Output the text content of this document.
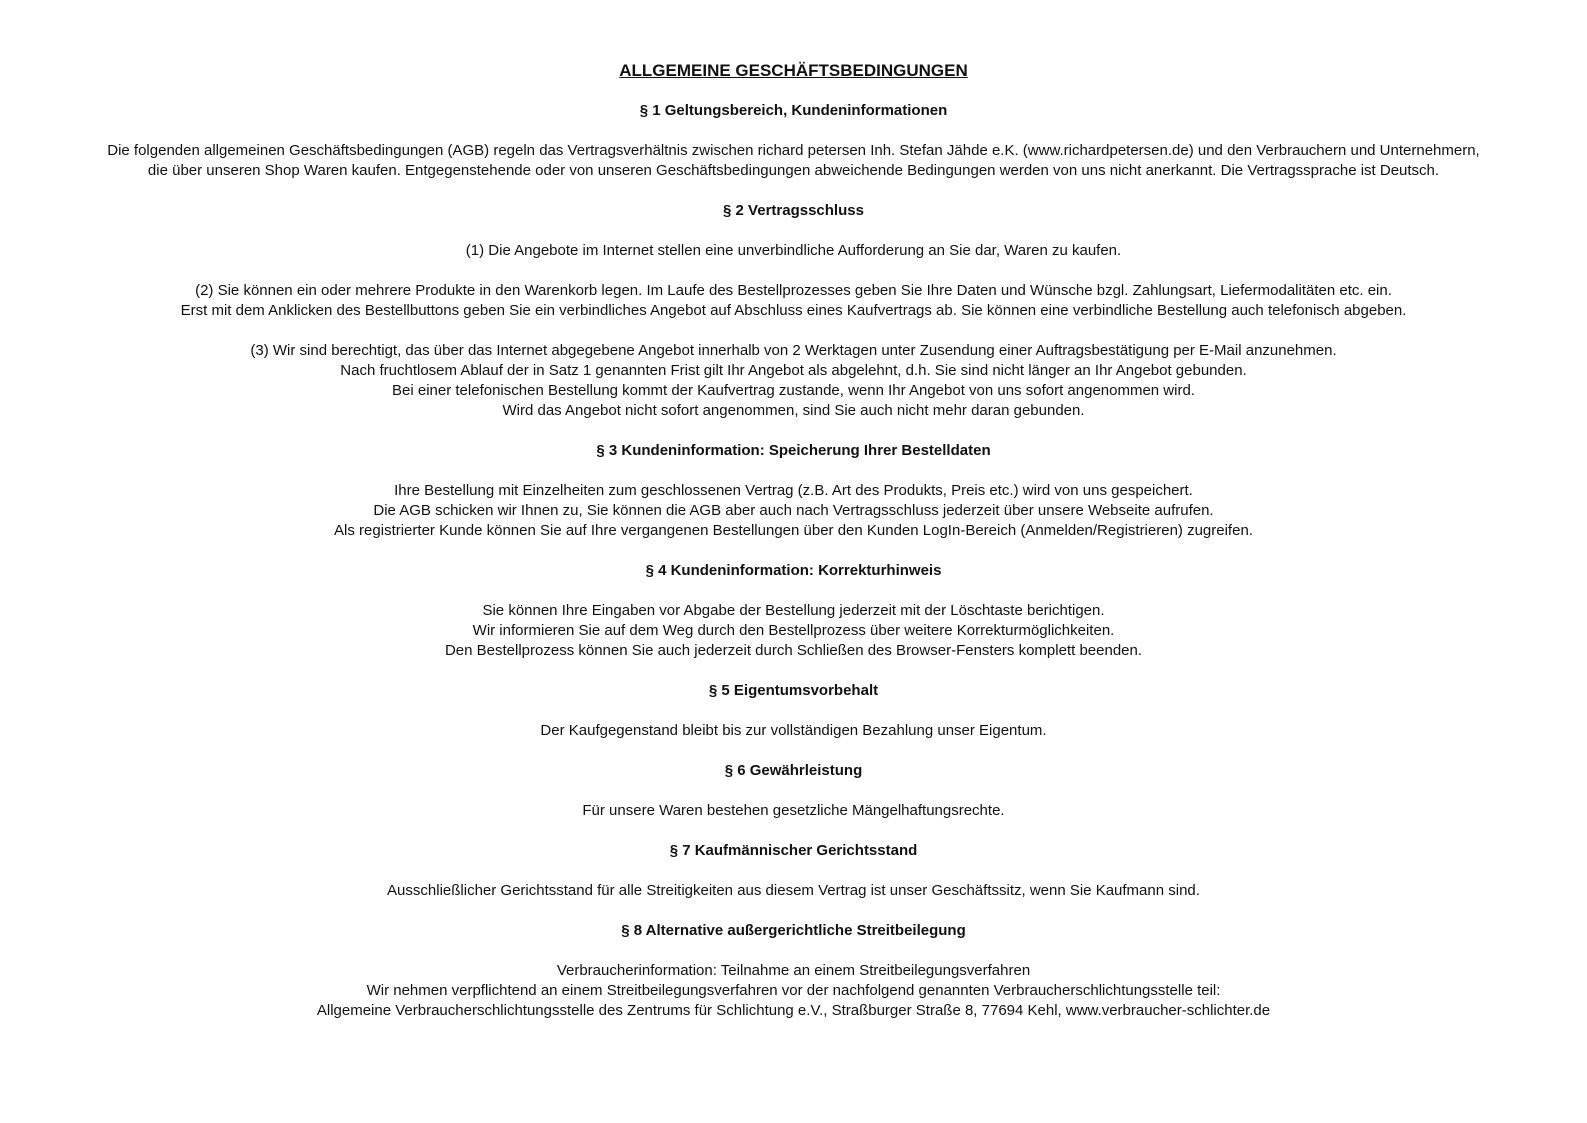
ALLGEMEINE GESCHÄFTSBEDINGUNGEN
§ 1 Geltungsbereich, Kundeninformationen
Die folgenden allgemeinen Geschäftsbedingungen (AGB) regeln das Vertragsverhältnis zwischen richard petersen Inh. Stefan Jähde e.K. (www.richardpetersen.de) und den Verbrauchern und Unternehmern,
die über unseren Shop Waren kaufen. Entgegenstehende oder von unseren Geschäftsbedingungen abweichende Bedingungen werden von uns nicht anerkannt. Die Vertragssprache ist Deutsch.
§ 2 Vertragsschluss
(1) Die Angebote im Internet stellen eine unverbindliche Aufforderung an Sie dar, Waren zu kaufen.
(2) Sie können ein oder mehrere Produkte in den Warenkorb legen. Im Laufe des Bestellprozesses geben Sie Ihre Daten und Wünsche bzgl. Zahlungsart, Liefermodalitäten etc. ein.
Erst mit dem Anklicken des Bestellbuttons geben Sie ein verbindliches Angebot auf Abschluss eines Kaufvertrags ab. Sie können eine verbindliche Bestellung auch telefonisch abgeben.
(3) Wir sind berechtigt, das über das Internet abgegebene Angebot innerhalb von 2 Werktagen unter Zusendung einer Auftragsbestätigung per E-Mail anzunehmen.
Nach fruchtlosem Ablauf der in Satz 1 genannten Frist gilt Ihr Angebot als abgelehnt, d.h. Sie sind nicht länger an Ihr Angebot gebunden.
Bei einer telefonischen Bestellung kommt der Kaufvertrag zustande, wenn Ihr Angebot von uns sofort angenommen wird.
Wird das Angebot nicht sofort angenommen, sind Sie auch nicht mehr daran gebunden.
§ 3 Kundeninformation: Speicherung Ihrer Bestelldaten
Ihre Bestellung mit Einzelheiten zum geschlossenen Vertrag (z.B. Art des Produkts, Preis etc.) wird von uns gespeichert.
Die AGB schicken wir Ihnen zu, Sie können die AGB aber auch nach Vertragsschluss jederzeit über unsere Webseite aufrufen.
Als registrierter Kunde können Sie auf Ihre vergangenen Bestellungen über den Kunden LogIn-Bereich (Anmelden/Registrieren) zugreifen.
§ 4 Kundeninformation: Korrekturhinweis
Sie können Ihre Eingaben vor Abgabe der Bestellung jederzeit mit der Löschtaste berichtigen.
Wir informieren Sie auf dem Weg durch den Bestellprozess über weitere Korrekturmöglichkeiten.
Den Bestellprozess können Sie auch jederzeit durch Schließen des Browser-Fensters komplett beenden.
§ 5 Eigentumsvorbehalt
Der Kaufgegenstand bleibt bis zur vollständigen Bezahlung unser Eigentum.
§ 6 Gewährleistung
Für unsere Waren bestehen gesetzliche Mängelhaftungsrechte.
§ 7 Kaufmännischer Gerichtsstand
Ausschließlicher Gerichtsstand für alle Streitigkeiten aus diesem Vertrag ist unser Geschäftssitz, wenn Sie Kaufmann sind.
§ 8 Alternative außergerichtliche Streitbeilegung
Verbraucherinformation: Teilnahme an einem Streitbeilegungsverfahren
Wir nehmen verpflichtend an einem Streitbeilegungsverfahren vor der nachfolgend genannten Verbraucherschlichtungsstelle teil:
Allgemeine Verbraucherschlichtungsstelle des Zentrums für Schlichtung e.V., Straßburger Straße 8, 77694 Kehl, www.verbraucher-schlichter.de
